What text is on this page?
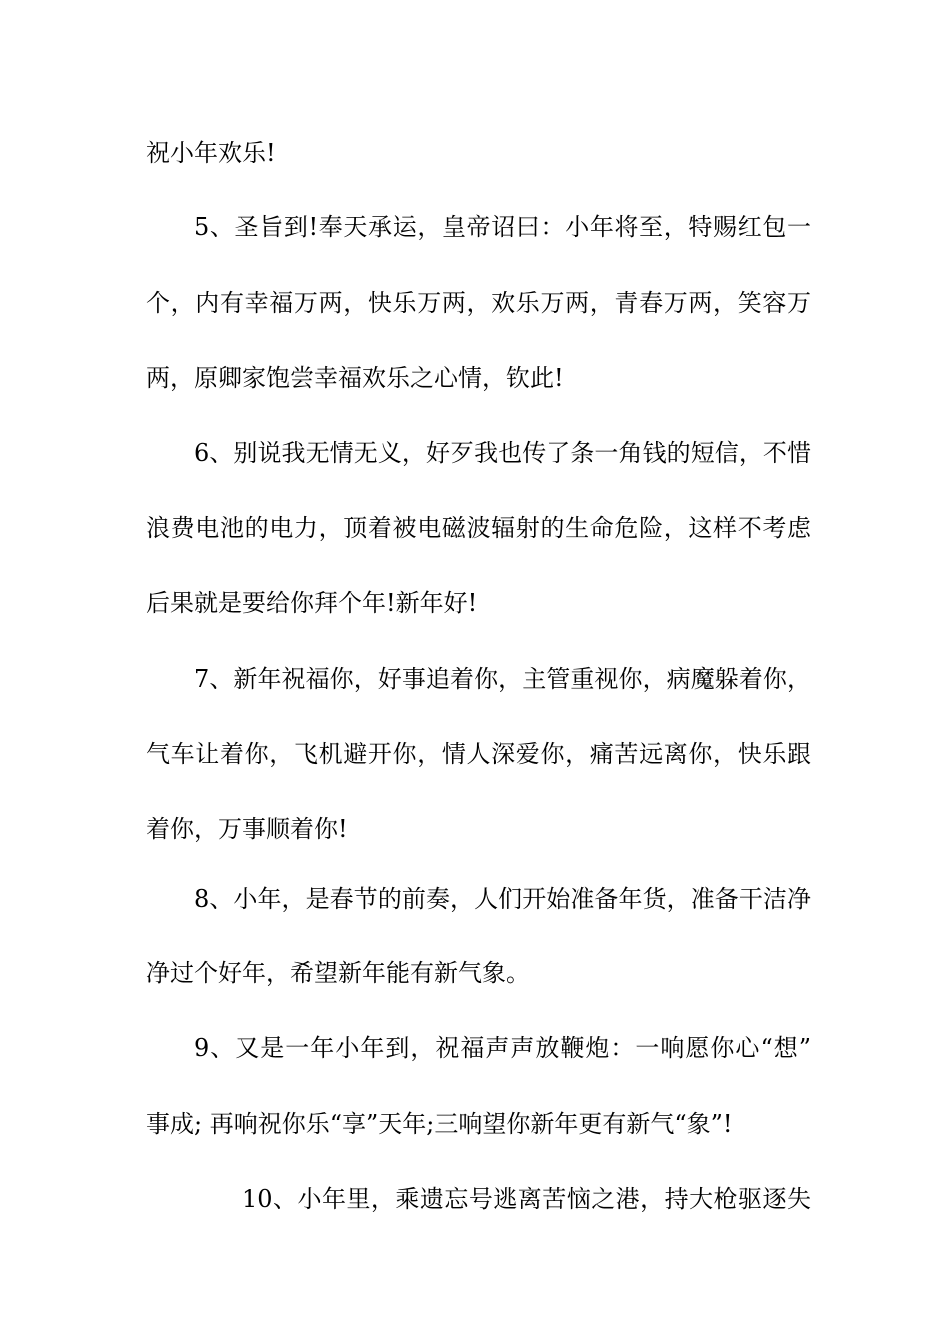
祝小年欢乐!
5、圣旨到!奉天承运，皇帝诏曰：小年将至，特赐红包一
个，内有幸福万两，快乐万两，欢乐万两，青春万两，笑容万
两，原卿家饱尝幸福欢乐之心情，钦此!
6、别说我无情无义，好歹我也传了条一角钱的短信，不惜
浪费电池的电力，顶着被电磁波辐射的生命危险，这样不考虑
后果就是要给你拜个年!新年好!
7、新年祝福你，好事追着你，主管重视你，病魔躲着你，
气车让着你，飞机避开你，情人深爱你，痛苦远离你，快乐跟
着你，万事顺着你!
8、小年，是春节的前奏，人们开始准备年货，准备干洁净
净过个好年，希望新年能有新气象。
9、又是一年小年到，祝福声声放鞭炮：一响愿你心“想”
事成; 再响祝你乐“享”天年;三响望你新年更有新气“象”!
10、小年里，乘遗忘号逃离苦恼之港，持大枪驱逐失
